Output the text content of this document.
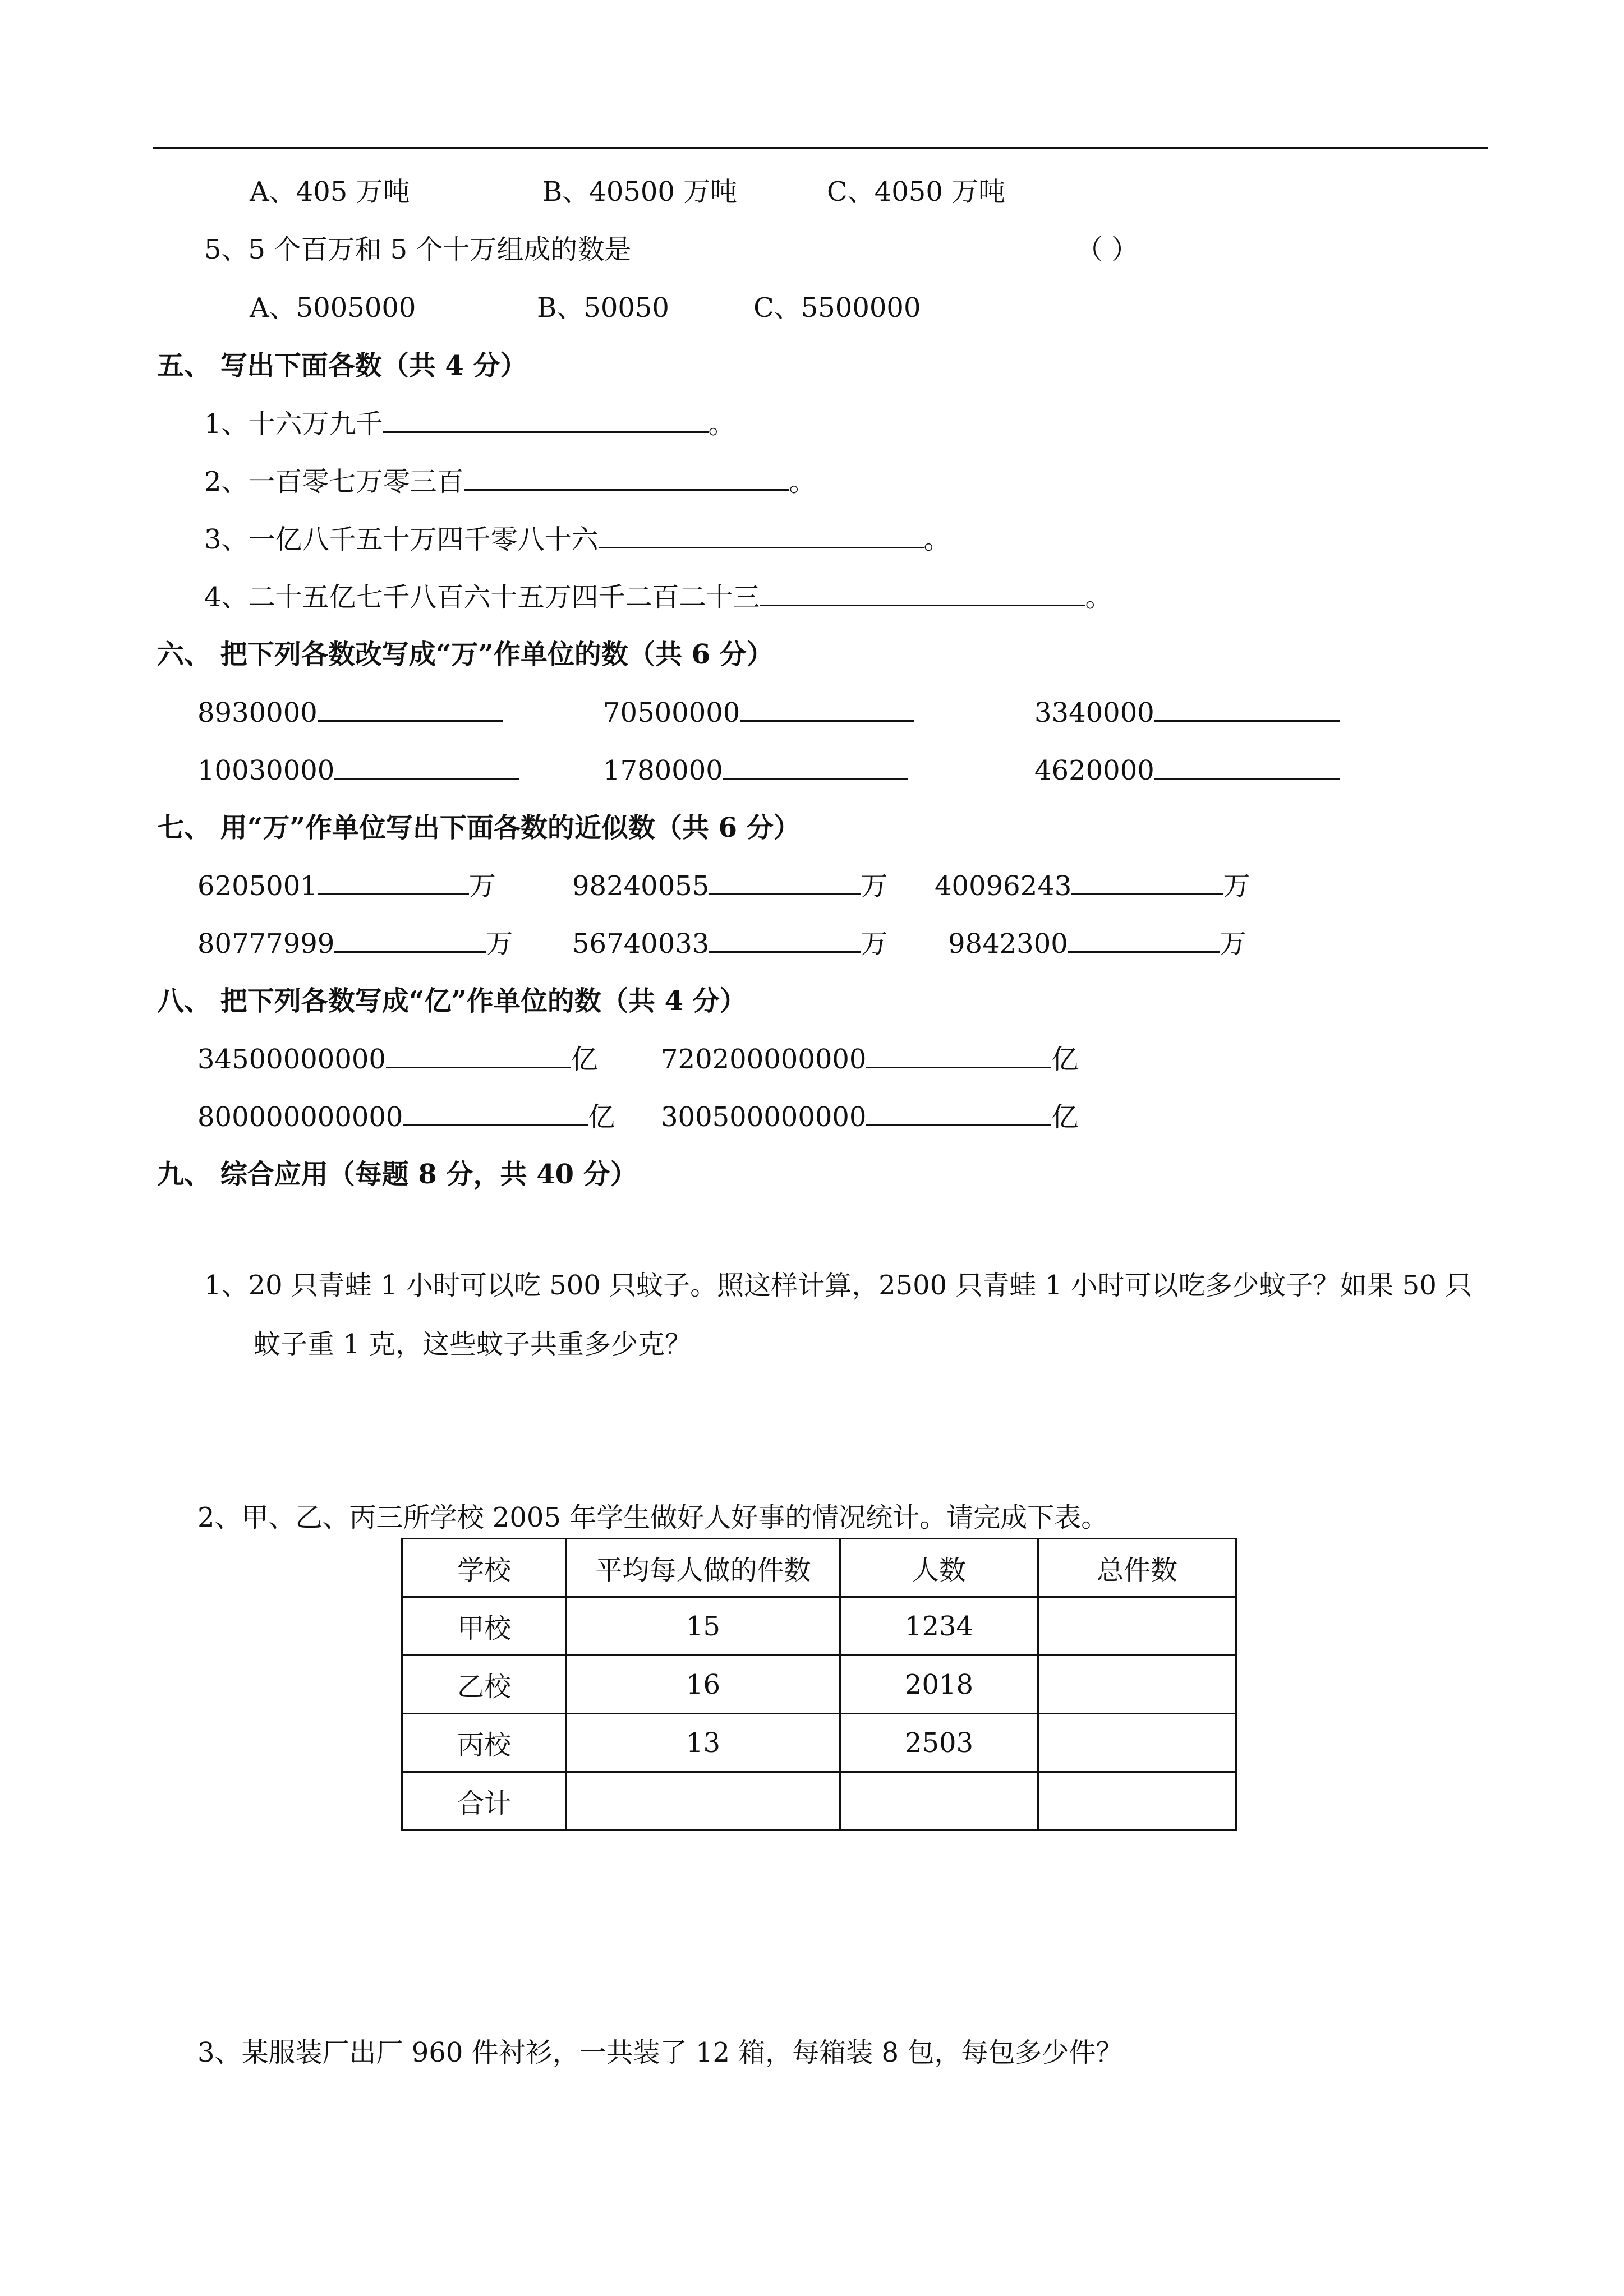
A、405 万吨	B、40500 万吨	C、4050 万吨
5、5 个百万和 5 个十万组成的数是	（ ）
A、5005000	B、50050	C、5500000
五、 写出下面各数（共 4 分）
1、十六万九千	。
2、一百零七万零三百	。
3、一亿八千五十万四千零八十六	。
4、二十五亿七千八百六十五万四千二百二十三	。
六、 把下列各数改写成“万”作单位的数（共 6 分）
8930000	70500000	3340000
10030000	1780000	4620000
七、 用“万”作单位写出下面各数的近似数（共 6 分）
6205001	万	98240055	万 40096243	万
80777999	万 56740033	万 9842300	万
八、 把下列各数写成“亿”作单位的数（共 4 分）
34500000000	亿 720200000000	亿
800000000000	亿 300500000000	亿
九、 综合应用（每题 8 分，共 40 分）
1、20 只青蛙 1 小时可以吃 500 只蚊子。照这样计算，2500 只青蛙 1 小时可以吃多少蚊子？如果 50 只
蚊子重 1 克，这些蚊子共重多少克？
2、甲、乙、丙三所学校 2005 年学生做好人好事的情况统计。请完成下表。
学校	平均每人做的件数	人数	总件数
甲校	15	1234	
乙校	16	2018	
丙校	13	2503	
合计			
3、某服装厂出厂 960 件衬衫，一共装了 12 箱，每箱装 8 包，每包多少件？
